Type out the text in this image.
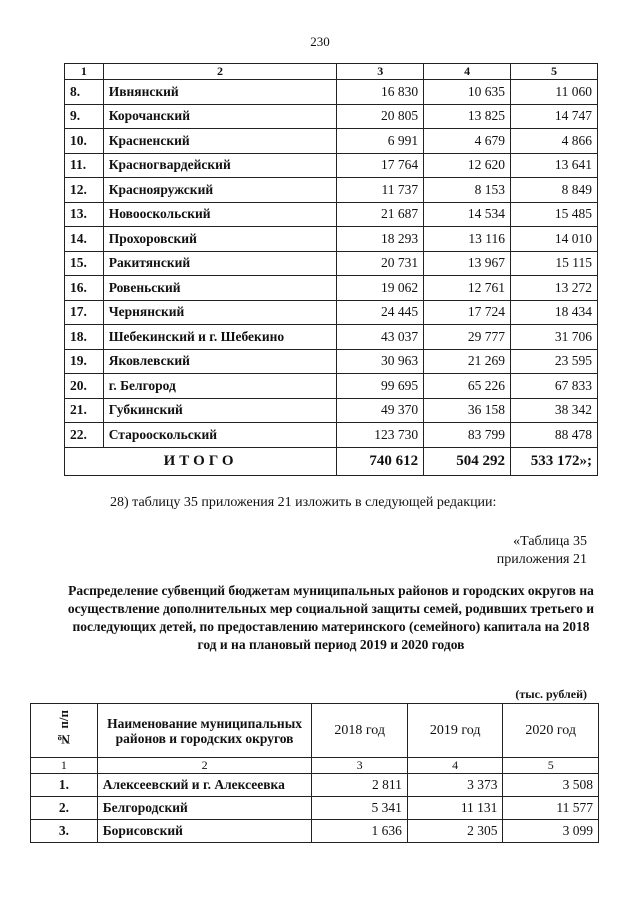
230
1	2	3	4	5
8.	Ивнянский	16 830	10 635	11 060
9.	Корочанский	20 805	13 825	14 747
10.	Красненский	6 991	4 679	4 866
11.	Красногвардейский	17 764	12 620	13 641
12.	Краснояружский	11 737	8 153	8 849
13.	Новооскольский	21 687	14 534	15 485
14.	Прохоровский	18 293	13 116	14 010
15.	Ракитянский	20 731	13 967	15 115
16.	Ровеньский	19 062	12 761	13 272
17.	Чернянский	24 445	17 724	18 434
18.	Шебекинский и г. Шебекино	43 037	29 777	31 706
19.	Яковлевский	30 963	21 269	23 595
20.	г. Белгород	99 695	65 226	67 833
21.	Губкинский	49 370	36 158	38 342
22.	Старооскольский	123 730	83 799	88 478
ИТОГО		740 612	504 292	533 172»;
28) таблицу 35 приложения 21 изложить в следующей редакции:
«Таблица 35
приложения 21
Распределение субвенций бюджетам муниципальных районов и городских округов на осуществление дополнительных мер социальной защиты семей, родивших третьего и последующих детей, по предоставлению материнского (семейного) капитала на 2018 год и на плановый период 2019 и 2020 годов
(тыс. рублей)
№ п/п	Наименование муниципальных районов и городских округов	2018 год	2019 год	2020 год
1	2	3	4	5
1.	Алексеевский и г. Алексеевка	2 811	3 373	3 508
2.	Белгородский	5 341	11 131	11 577
3.	Борисовский	1 636	2 305	3 099
